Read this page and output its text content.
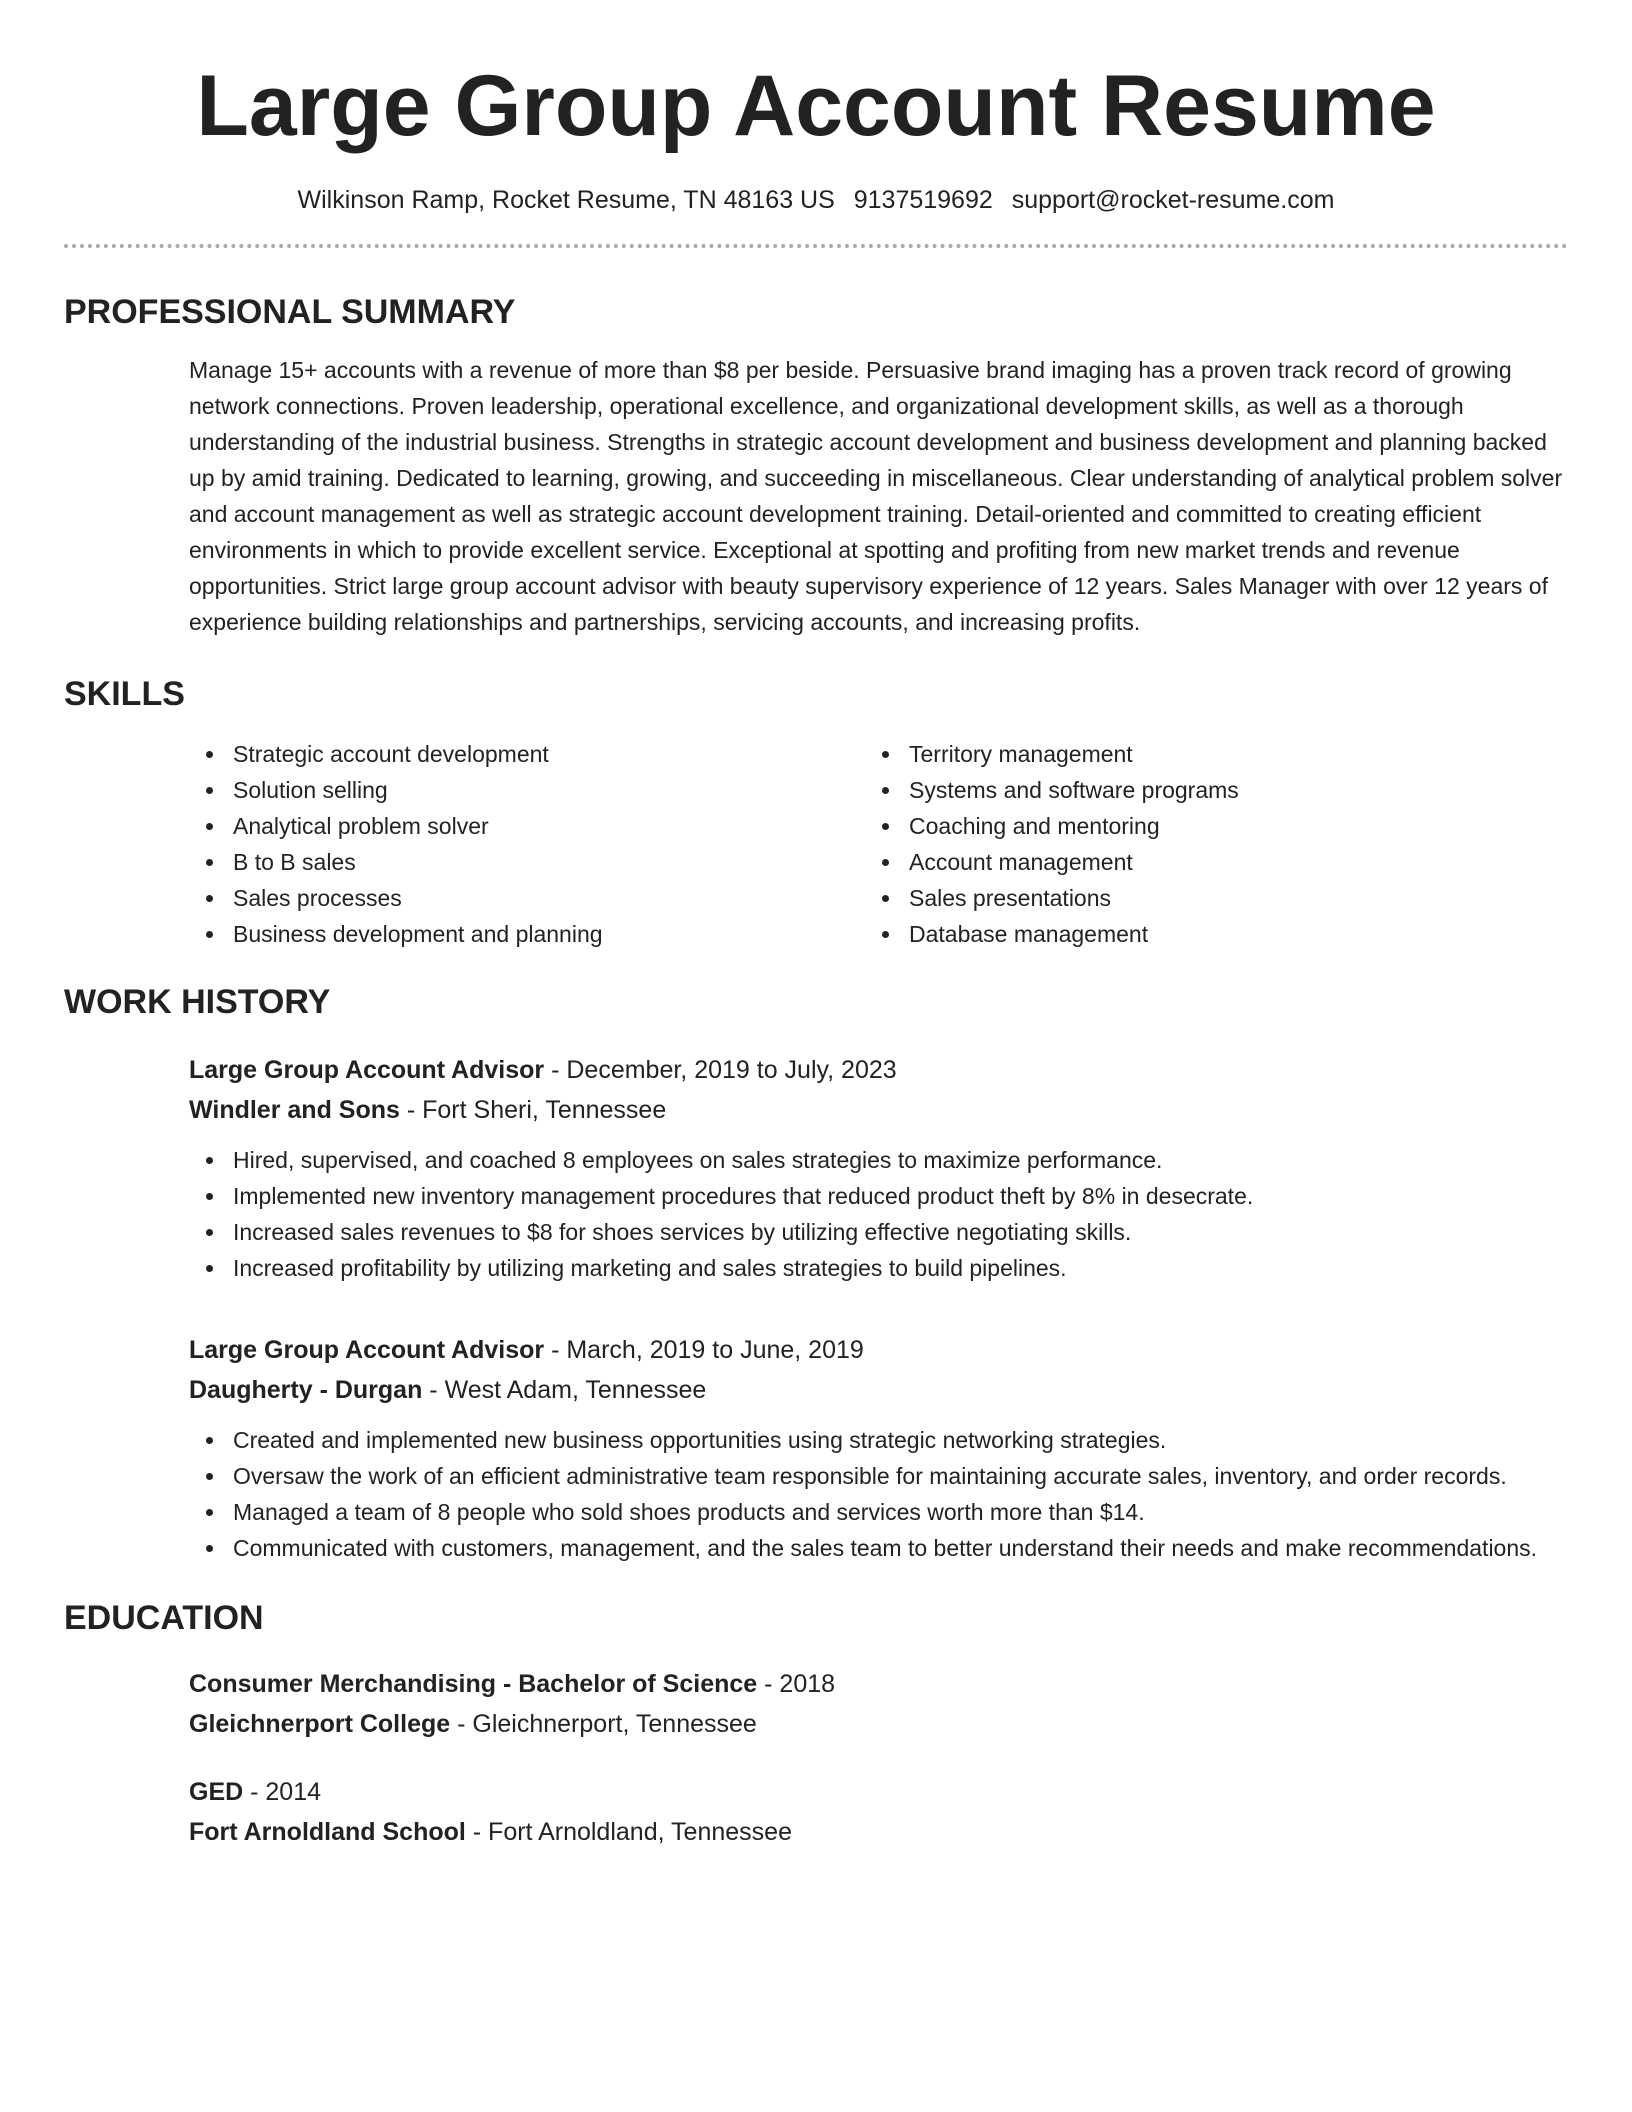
Large Group Account Resume
Wilkinson Ramp, Rocket Resume, TN 48163 US 9137519692 support@rocket-resume.com
PROFESSIONAL SUMMARY

Manage 15+ accounts with a revenue of more than $8 per beside. Persuasive brand imaging has a proven track record of growing network connections. Proven leadership, operational excellence, and organizational development skills, as well as a thorough understanding of the industrial business. Strengths in strategic account development and business development and planning backed up by amid training. Dedicated to learning, growing, and succeeding in miscellaneous. Clear understanding of analytical problem solver and account management as well as strategic account development training. Detail-oriented and committed to creating efficient environments in which to provide excellent service. Exceptional at spotting and profiting from new market trends and revenue opportunities. Strict large group account advisor with beauty supervisory experience of 12 years. Sales Manager with over 12 years of experience building relationships and partnerships, servicing accounts, and increasing profits.

SKILLS
Strategic account development
Solution selling
Analytical problem solver
B to B sales
Sales processes
Business development and planning
Territory management
Systems and software programs
Coaching and mentoring
Account management
Sales presentations
Database management
WORK HISTORY
Large Group Account Advisor - December, 2019 to July, 2023
Windler and Sons - Fort Sheri, Tennessee
Hired, supervised, and coached 8 employees on sales strategies to maximize performance.
Implemented new inventory management procedures that reduced product theft by 8% in desecrate.
Increased sales revenues to $8 for shoes services by utilizing effective negotiating skills.
Increased profitability by utilizing marketing and sales strategies to build pipelines.
Large Group Account Advisor - March, 2019 to June, 2019
Daugherty - Durgan - West Adam, Tennessee
Created and implemented new business opportunities using strategic networking strategies.
Oversaw the work of an efficient administrative team responsible for maintaining accurate sales, inventory, and order records.
Managed a team of 8 people who sold shoes products and services worth more than $14.
Communicated with customers, management, and the sales team to better understand their needs and make recommendations.
EDUCATION
Consumer Merchandising - Bachelor of Science - 2018
Gleichnerport College - Gleichnerport, Tennessee
GED - 2014
Fort Arnoldland School - Fort Arnoldland, Tennessee
